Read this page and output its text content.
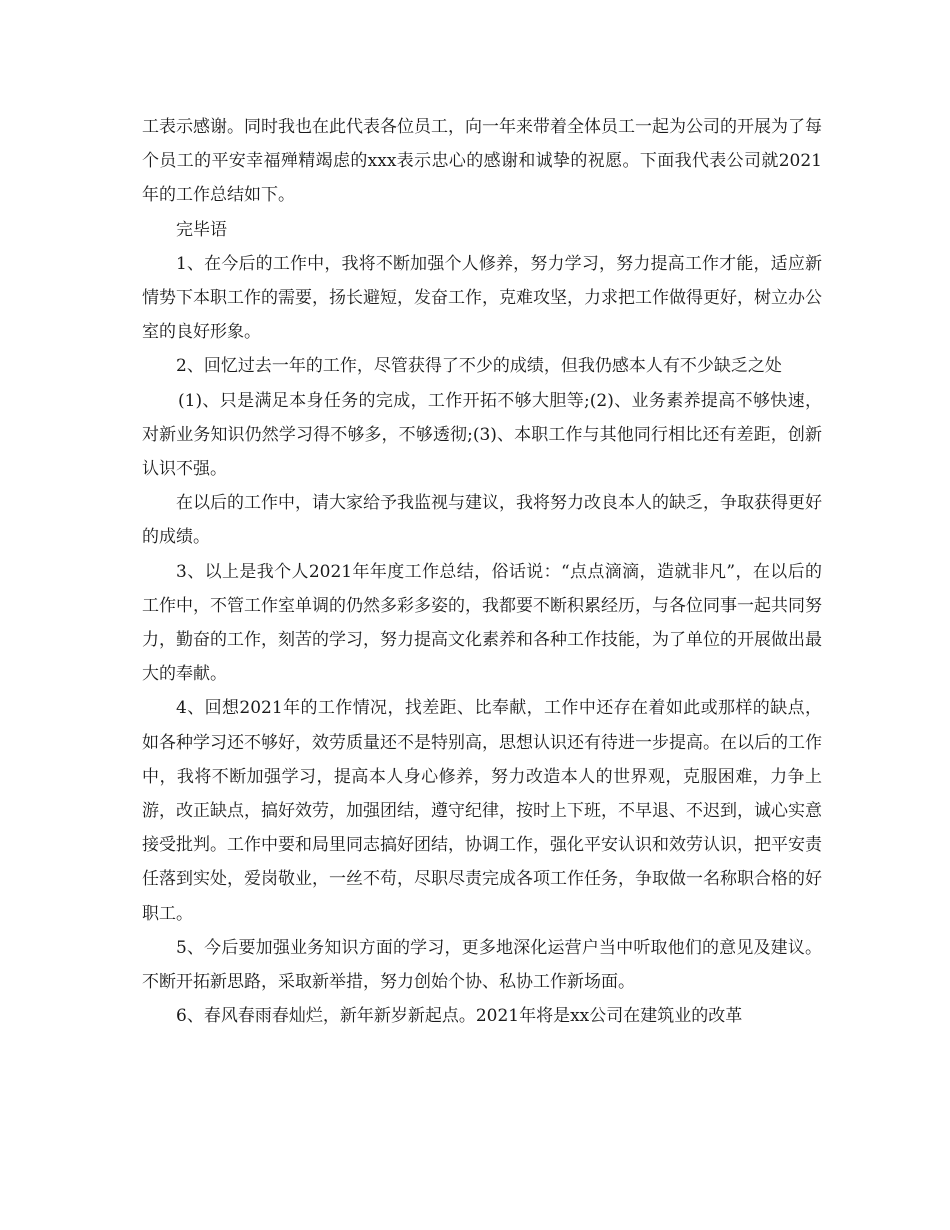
工表示感谢。同时我也在此代表各位员工，向一年来带着全体员工一起为公司的开展为了每个员工的平安幸福殚精竭虑的xxx表示忠心的感谢和诚挚的祝愿。下面我代表公司就2021年的工作总结如下。

完毕语

1、在今后的工作中，我将不断加强个人修养，努力学习，努力提高工作才能，适应新情势下本职工作的需要，扬长避短，发奋工作，克难攻坚，力求把工作做得更好，树立办公室的良好形象。

2、回忆过去一年的工作，尽管获得了不少的成绩，但我仍感本人有不少缺乏之处

(1)、只是满足本身任务的完成，工作开拓不够大胆等;(2)、业务素养提高不够快速，对新业务知识仍然学习得不够多，不够透彻;(3)、本职工作与其他同行相比还有差距，创新认识不强。

在以后的工作中，请大家给予我监视与建议，我将努力改良本人的缺乏，争取获得更好的成绩。

3、以上是我个人2021年年度工作总结，俗话说：“点点滴滴，造就非凡”，在以后的工作中，不管工作室单调的仍然多彩多姿的，我都要不断积累经历，与各位同事一起共同努力，勤奋的工作，刻苦的学习，努力提高文化素养和各种工作技能，为了单位的开展做出最大的奉献。

4、回想2021年的工作情况，找差距、比奉献，工作中还存在着如此或那样的缺点，如各种学习还不够好，效劳质量还不是特别高，思想认识还有待进一步提高。在以后的工作中，我将不断加强学习，提高本人身心修养，努力改造本人的世界观，克服困难，力争上游，改正缺点，搞好效劳，加强团结，遵守纪律，按时上下班，不早退、不迟到，诚心实意接受批判。工作中要和局里同志搞好团结，协调工作，强化平安认识和效劳认识，把平安责任落到实处，爱岗敬业，一丝不苟，尽职尽责完成各项工作任务，争取做一名称职合格的好职工。

5、今后要加强业务知识方面的学习，更多地深化运营户当中听取他们的意见及建议。不断开拓新思路，采取新举措，努力创始个协、私协工作新场面。

6、春风春雨春灿烂，新年新岁新起点。2021年将是xx公司在建筑业的改革
